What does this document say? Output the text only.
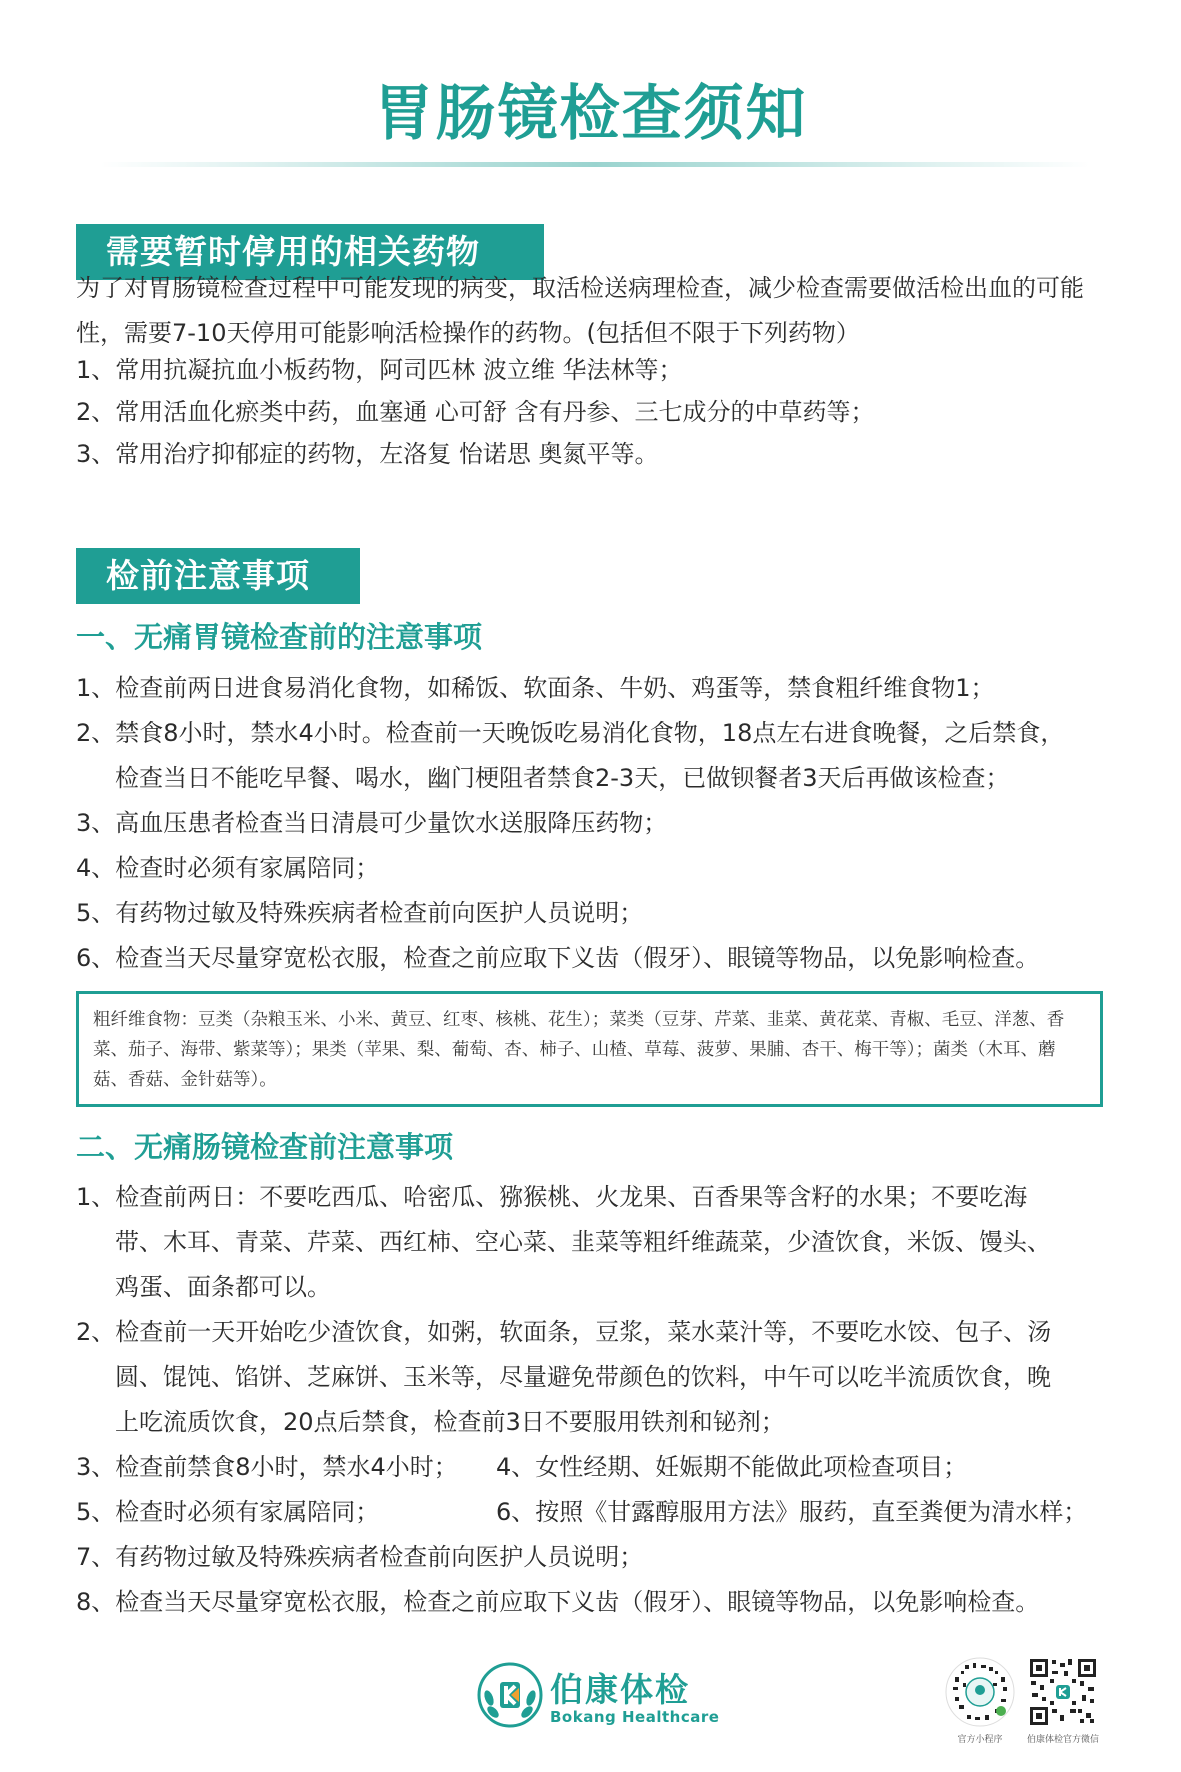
胃肠镜检查须知
需要暂时停用的相关药物
为了对胃肠镜检查过程中可能发现的病变，取活检送病理检查，减少检查需要做活检出血的可能性，需要7-10天停用可能影响活检操作的药物。(包括但不限于下列药物）
1、常用抗凝抗血小板药物，阿司匹林 波立维 华法林等；
2、常用活血化瘀类中药，血塞通 心可舒 含有丹参、三七成分的中草药等；
3、常用治疗抑郁症的药物，左洛复 怡诺思 奥氮平等。
检前注意事项
一、无痛胃镜检查前的注意事项
1、检查前两日进食易消化食物，如稀饭、软面条、牛奶、鸡蛋等，禁食粗纤维食物1；
2、禁食8小时，禁水4小时。检查前一天晚饭吃易消化食物，18点左右进食晚餐，之后禁食，
检查当日不能吃早餐、喝水，幽门梗阻者禁食2-3天，已做钡餐者3天后再做该检查；
3、高血压患者检查当日清晨可少量饮水送服降压药物；
4、检查时必须有家属陪同；
5、有药物过敏及特殊疾病者检查前向医护人员说明；
6、检查当天尽量穿宽松衣服，检查之前应取下义齿（假牙）、眼镜等物品，以免影响检查。
粗纤维食物：豆类（杂粮玉米、小米、黄豆、红枣、核桃、花生）；菜类（豆芽、芹菜、韭菜、黄花菜、青椒、毛豆、洋葱、香菜、茄子、海带、紫菜等）；果类（苹果、梨、葡萄、杏、柿子、山楂、草莓、菠萝、果脯、杏干、梅干等）；菌类（木耳、蘑菇、香菇、金针菇等）。
二、无痛肠镜检查前注意事项
1、检查前两日：不要吃西瓜、哈密瓜、猕猴桃、火龙果、百香果等含籽的水果；不要吃海
带、木耳、青菜、芹菜、西红柿、空心菜、韭菜等粗纤维蔬菜，少渣饮食，米饭、馒头、
鸡蛋、面条都可以。
2、检查前一天开始吃少渣饮食，如粥，软面条，豆浆，菜水菜汁等，不要吃水饺、包子、汤
圆、馄饨、馅饼、芝麻饼、玉米等，尽量避免带颜色的饮料，中午可以吃半流质饮食，晚
上吃流质饮食，20点后禁食，检查前3日不要服用铁剂和铋剂；
3、检查前禁食8小时，禁水4小时； 4、女性经期、妊娠期不能做此项检查项目；
5、检查时必须有家属陪同；	6、按照《甘露醇服用方法》服药，直至粪便为清水样；
7、有药物过敏及特殊疾病者检查前向医护人员说明；
8、检查当天尽量穿宽松衣服，检查之前应取下义齿（假牙）、眼镜等物品，以免影响检查。
伯康体检
Bokang Healthcare
官方小程序	伯康体检官方微信
